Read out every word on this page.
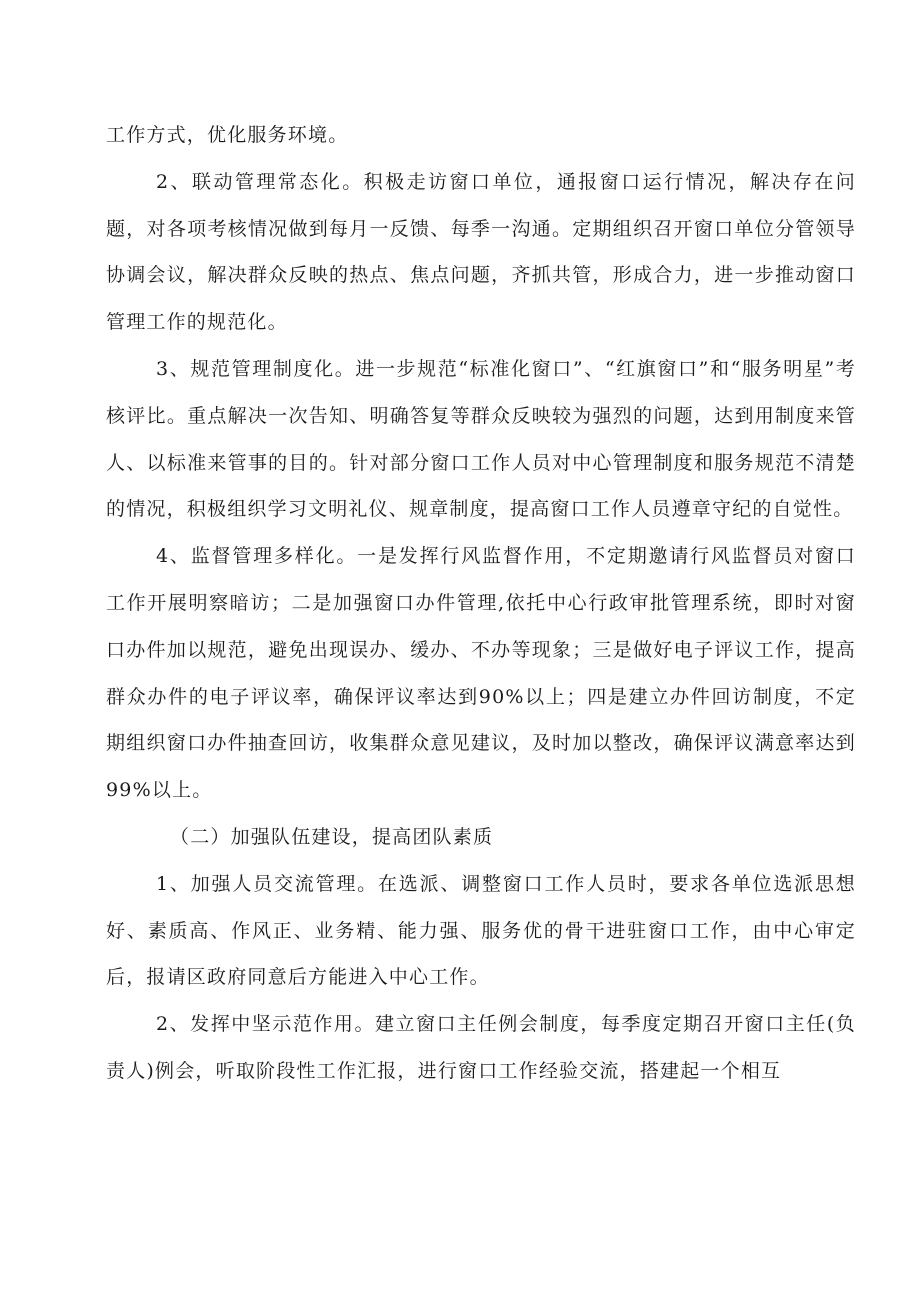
工作方式，优化服务环境。

2、联动管理常态化。积极走访窗口单位，通报窗口运行情况，解决存在问题，对各项考核情况做到每月一反馈、每季一沟通。定期组织召开窗口单位分管领导协调会议，解决群众反映的热点、焦点问题，齐抓共管，形成合力，进一步推动窗口管理工作的规范化。

3、规范管理制度化。进一步规范“标准化窗口”、“红旗窗口”和“服务明星”考核评比。重点解决一次告知、明确答复等群众反映较为强烈的问题，达到用制度来管人、以标准来管事的目的。针对部分窗口工作人员对中心管理制度和服务规范不清楚的情况，积极组织学习文明礼仪、规章制度，提高窗口工作人员遵章守纪的自觉性。

4、监督管理多样化。一是发挥行风监督作用，不定期邀请行风监督员对窗口工作开展明察暗访；二是加强窗口办件管理,依托中心行政审批管理系统，即时对窗口办件加以规范，避免出现误办、缓办、不办等现象；三是做好电子评议工作，提高群众办件的电子评议率，确保评议率达到90%以上；四是建立办件回访制度，不定期组织窗口办件抽查回访，收集群众意见建议，及时加以整改，确保评议满意率达到99%以上。

（二）加强队伍建设，提高团队素质

1、加强人员交流管理。在选派、调整窗口工作人员时，要求各单位选派思想好、素质高、作风正、业务精、能力强、服务优的骨干进驻窗口工作，由中心审定后，报请区政府同意后方能进入中心工作。

2、发挥中坚示范作用。建立窗口主任例会制度，每季度定期召开窗口主任(负责人)例会，听取阶段性工作汇报，进行窗口工作经验交流，搭建起一个相互
